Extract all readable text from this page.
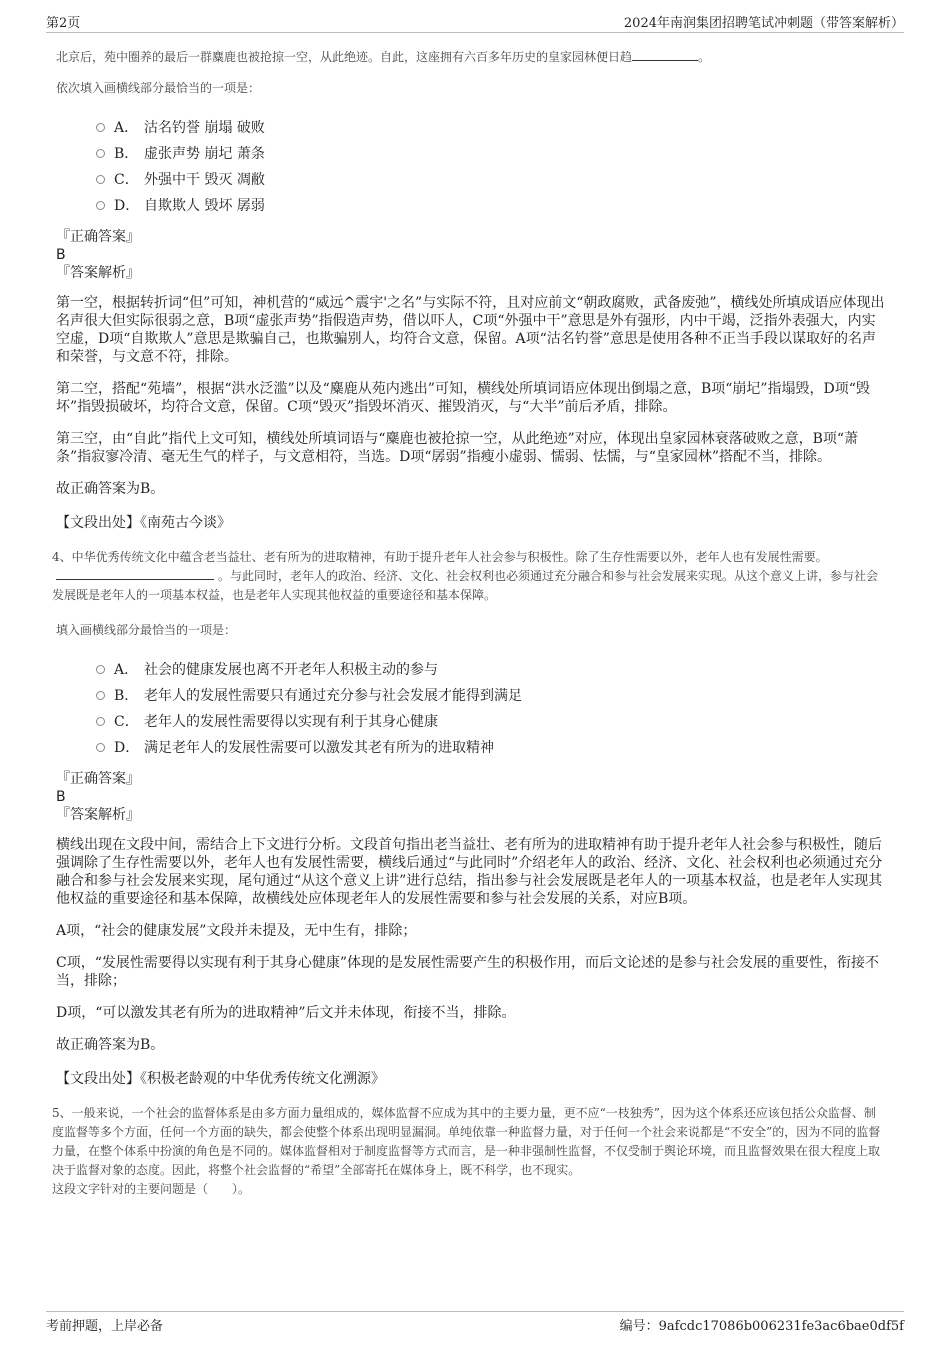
第2页	2024年南润集团招聘笔试冲刺题（带答案解析）

北京后，苑中圈养的最后一群麋鹿也被抢掠一空，从此绝迹。自此，这座拥有六百多年历史的皇家园林便日趋	。

依次填入画横线部分最恰当的一项是：

A． 沽名钓誉 崩塌 破败
B． 虚张声势 崩圮 萧条
C． 外强中干 毁灭 凋敝
D． 自欺欺人 毁坏 孱弱
『正确答案』
B
『答案解析』

第一空，根据转折词“但”可知，神机营的“威远^震宇'之名”与实际不符，且对应前文“朝政腐败，武备废弛”，横线处所填成语应体现出名声很大但实际很弱之意，B项“虚张声势”指假造声势，借以吓人，C项“外强中干”意思是外有强形，内中干竭，泛指外表强大，内实空虚，D项“自欺欺人”意思是欺骗自己，也欺骗别人，均符合文意，保留。A项“沽名钓誉”意思是使用各种不正当手段以谋取好的名声和荣誉，与文意不符，排除。

第二空，搭配“苑墙”，根据“洪水泛滥”以及“麋鹿从苑内逃出”可知，横线处所填词语应体现出倒塌之意，B项“崩圮”指塌毁，D项“毁坏”指毁损破坏，均符合文意，保留。C项“毁灭”指毁坏消灭、摧毁消灭，与“大半”前后矛盾，排除。

第三空，由“自此”指代上文可知，横线处所填词语与“麋鹿也被抢掠一空，从此绝迹”对应，体现出皇家园林衰落破败之意，B项“萧条”指寂寥冷清、毫无生气的样子，与文意相符，当选。D项“孱弱”指瘦小虚弱、懦弱、怯懦，与“皇家园林”搭配不当，排除。

故正确答案为B。

【文段出处】《南苑古今谈》

4、中华优秀传统文化中蕴含老当益壮、老有所为的进取精神，有助于提升老年人社会参与积极性。除了生存性需要以外，老年人也有发展性需要。。与此同时，老年人的政治、经济、文化、社会权利也必须通过充分融合和参与社会发展来实现。从这个意义上讲，参与社会发展既是老年人的一项基本权益，也是老年人实现其他权益的重要途径和基本保障。

填入画横线部分最恰当的一项是：

A． 社会的健康发展也离不开老年人积极主动的参与
B． 老年人的发展性需要只有通过充分参与社会发展才能得到满足
C． 老年人的发展性需要得以实现有利于其身心健康
D． 满足老年人的发展性需要可以激发其老有所为的进取精神
『正确答案』
B
『答案解析』

横线出现在文段中间，需结合上下文进行分析。文段首句指出老当益壮、老有所为的进取精神有助于提升老年人社会参与积极性，随后强调除了生存性需要以外，老年人也有发展性需要，横线后通过“与此同时”介绍老年人的政治、经济、文化、社会权利也必须通过充分融合和参与社会发展来实现，尾句通过“从这个意义上讲”进行总结，指出参与社会发展既是老年人的一项基本权益，也是老年人实现其他权益的重要途径和基本保障，故横线处应体现老年人的发展性需要和参与社会发展的关系，对应B项。

A项，“社会的健康发展”文段并未提及，无中生有，排除；

C项，“发展性需要得以实现有利于其身心健康”体现的是发展性需要产生的积极作用，而后文论述的是参与社会发展的重要性，衔接不当，排除；

D项，“可以激发其老有所为的进取精神”后文并未体现，衔接不当，排除。

故正确答案为B。

【文段出处】《积极老龄观的中华优秀传统文化溯源》

5、一般来说，一个社会的监督体系是由多方面力量组成的，媒体监督不应成为其中的主要力量，更不应“一枝独秀”，因为这个体系还应该包括公众监督、制度监督等多个方面，任何一个方面的缺失，都会使整个体系出现明显漏洞。单纯依靠一种监督力量，对于任何一个社会来说都是“不安全”的，因为不同的监督力量，在整个体系中扮演的角色是不同的。媒体监督相对于制度监督等方式而言，是一种非强制性监督，不仅受制于舆论环境，而且监督效果在很大程度上取决于监督对象的态度。因此，将整个社会监督的“希望”全部寄托在媒体身上，既不科学，也不现实。

这段文字针对的主要问题是（　　）。

考前押题，上岸必备	编号：9afcdc17086b006231fe3ac6bae0df5f
